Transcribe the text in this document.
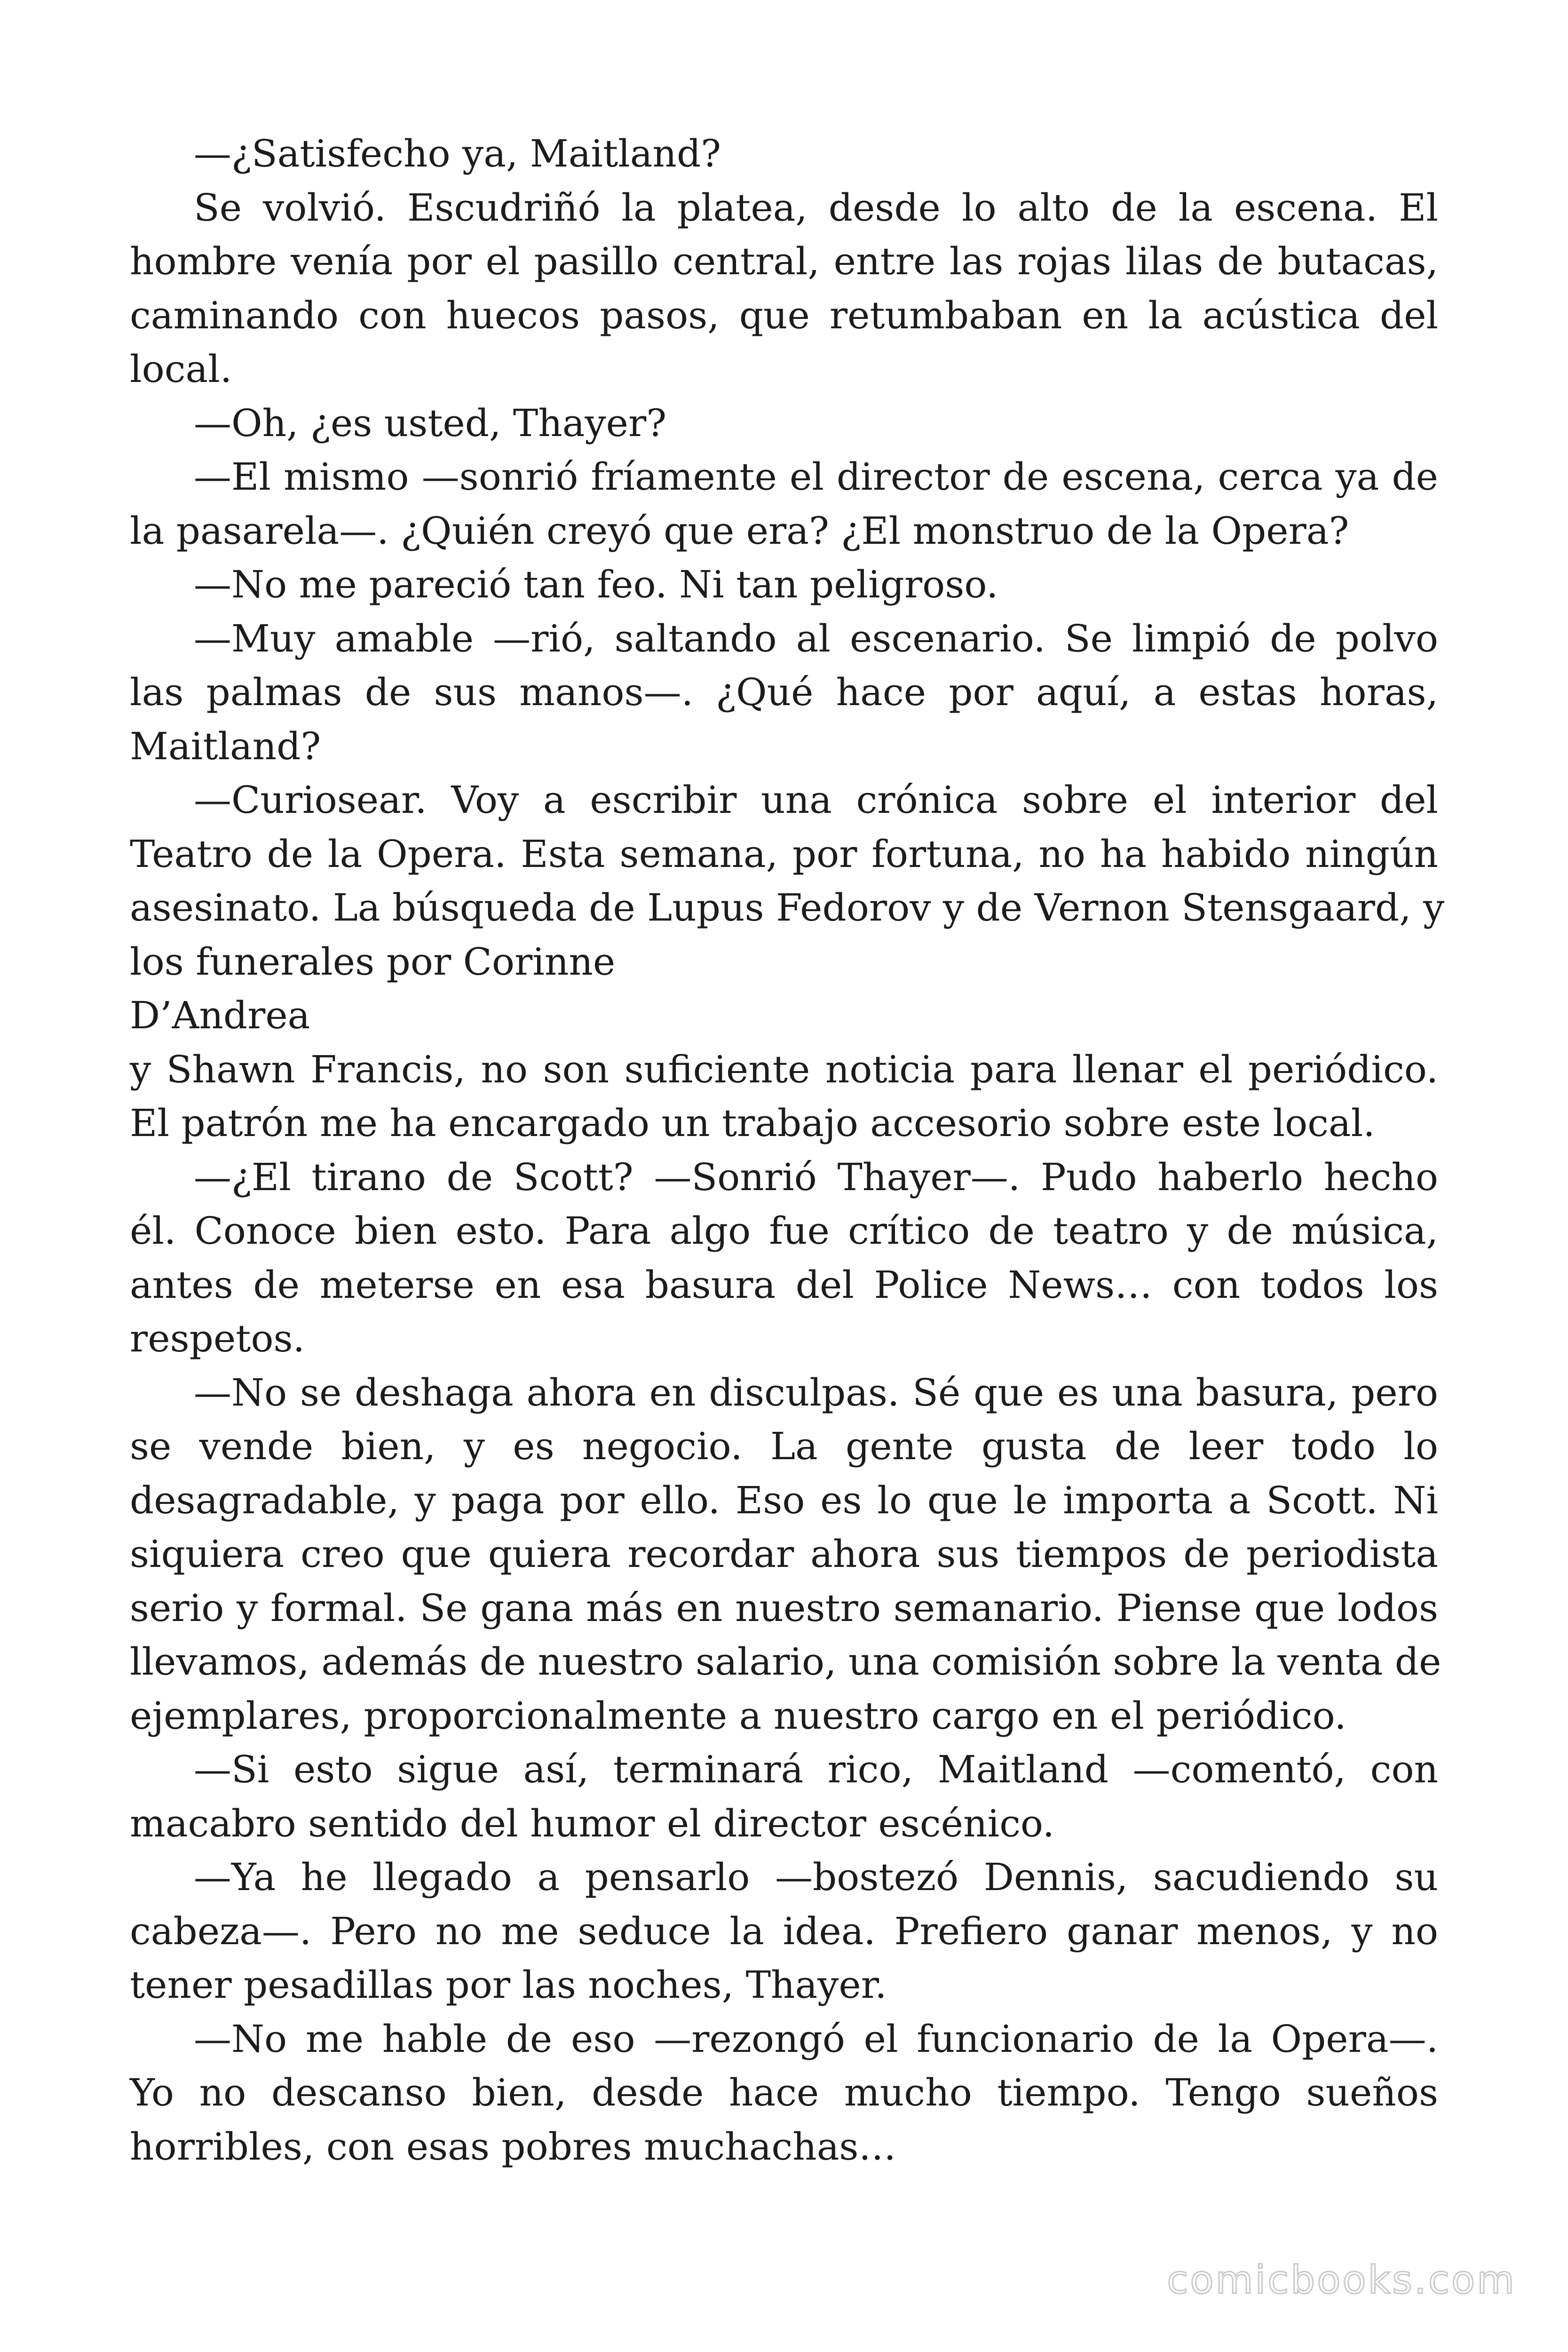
—¿Satisfecho ya, Maitland?
Se volvió. Escudriñó la platea, desde lo alto de la escena. El
hombre venía por el pasillo central, entre las rojas lilas de butacas,
caminando con huecos pasos, que retumbaban en la acústica del
local.
—Oh, ¿es usted, Thayer?
—El mismo —sonrió fríamente el director de escena, cerca ya de
la pasarela—. ¿Quién creyó que era? ¿El monstruo de la Opera?
—No me pareció tan feo. Ni tan peligroso.
—Muy amable —rió, saltando al escenario. Se limpió de polvo
las palmas de sus manos—. ¿Qué hace por aquí, a estas horas,
Maitland?
—Curiosear. Voy a escribir una crónica sobre el interior del
Teatro de la Opera. Esta semana, por fortuna, no ha habido ningún
asesinato. La búsqueda de Lupus Fedorov y de Vernon Stensgaard, y
los funerales por Corinne
D’Andrea
y Shawn Francis, no son suficiente noticia para llenar el periódico.
El patrón me ha encargado un trabajo accesorio sobre este local.
—¿El tirano de Scott? —Sonrió Thayer—. Pudo haberlo hecho
él. Conoce bien esto. Para algo fue crítico de teatro y de música,
antes de meterse en esa basura del Police News… con todos los
respetos.
—No se deshaga ahora en disculpas. Sé que es una basura, pero
se vende bien, y es negocio. La gente gusta de leer todo lo
desagradable, y paga por ello. Eso es lo que le importa a Scott. Ni
siquiera creo que quiera recordar ahora sus tiempos de periodista
serio y formal. Se gana más en nuestro semanario. Piense que lodos
llevamos, además de nuestro salario, una comisión sobre la venta de
ejemplares, proporcionalmente a nuestro cargo en el periódico.
—Si esto sigue así, terminará rico, Maitland —comentó, con
macabro sentido del humor el director escénico.
—Ya he llegado a pensarlo —bostezó Dennis, sacudiendo su
cabeza—. Pero no me seduce la idea. Prefiero ganar menos, y no
tener pesadillas por las noches, Thayer.
—No me hable de eso —rezongó el funcionario de la Opera—.
Yo no descanso bien, desde hace mucho tiempo. Tengo sueños
horribles, con esas pobres muchachas…
comicbooks.com
